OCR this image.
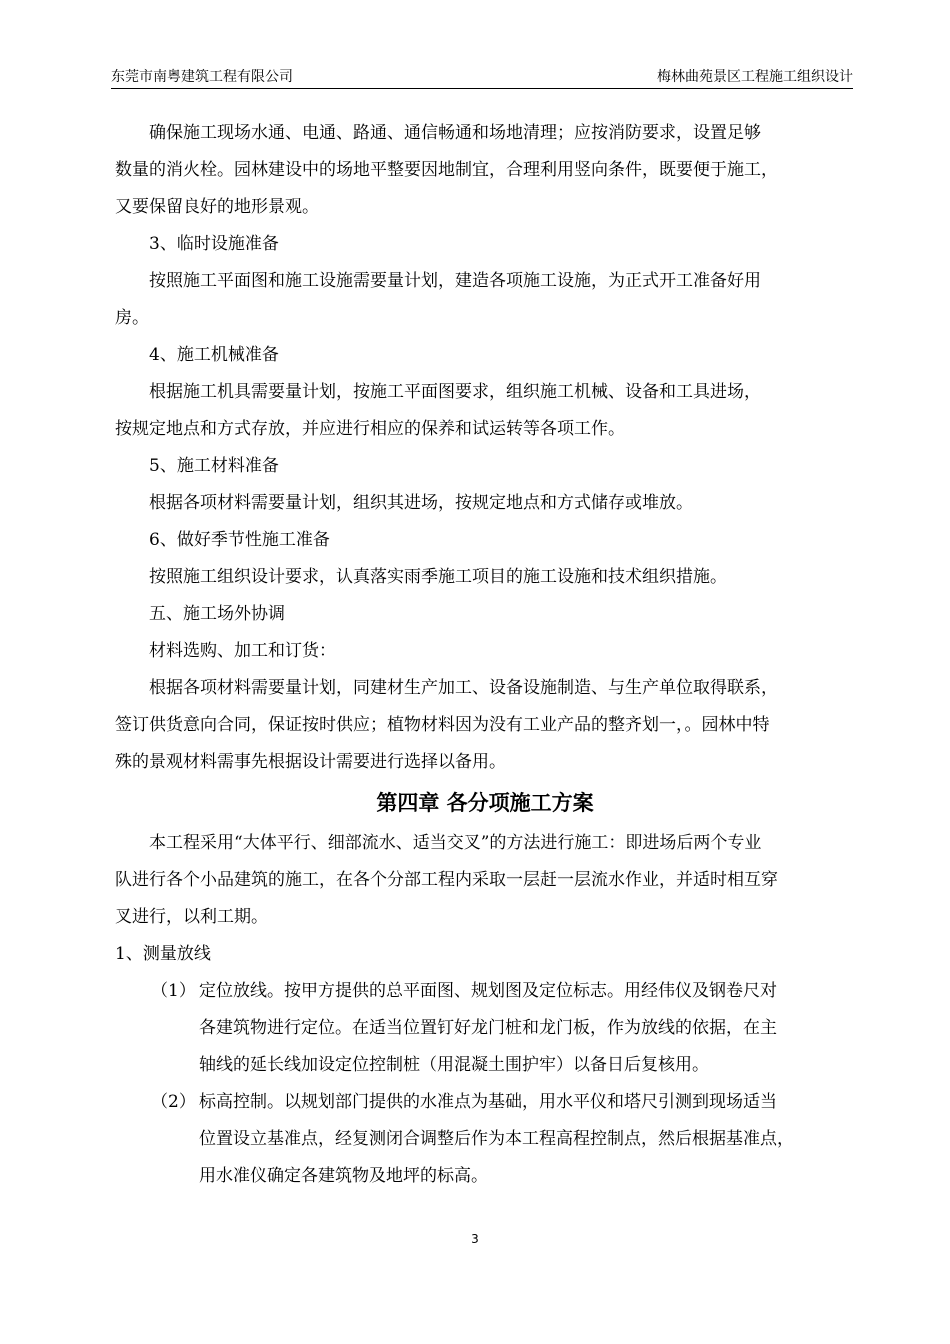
东莞市南粤建筑工程有限公司	梅林曲苑景区工程施工组织设计

确保施工现场水通、电通、路通、通信畅通和场地清理；应按消防要求，设置足够
数量的消火栓。园林建设中的场地平整要因地制宜，合理利用竖向条件，既要便于施工，
又要保留良好的地形景观。

3、临时设施准备

按照施工平面图和施工设施需要量计划，建造各项施工设施，为正式开工准备好用
房。

4、施工机械准备

根据施工机具需要量计划，按施工平面图要求，组织施工机械、设备和工具进场，
按规定地点和方式存放，并应进行相应的保养和试运转等各项工作。

5、施工材料准备

根据各项材料需要量计划，组织其进场，按规定地点和方式储存或堆放。

6、做好季节性施工准备

按照施工组织设计要求，认真落实雨季施工项目的施工设施和技术组织措施。

五、施工场外协调

材料选购、加工和订货：

根据各项材料需要量计划，同建材生产加工、设备设施制造、与生产单位取得联系，
签订供货意向合同，保证按时供应；植物材料因为没有工业产品的整齐划一，。园林中特
殊的景观材料需事先根据设计需要进行选择以备用。

第四章 各分项施工方案

本工程采用“大体平行、细部流水、适当交叉”的方法进行施工：即进场后两个专业
队进行各个小品建筑的施工，在各个分部工程内采取一层赶一层流水作业，并适时相互穿
叉进行，以利工期。

1、测量放线

（1） 定位放线。按甲方提供的总平面图、规划图及定位标志。用经伟仪及钢卷尺对
各建筑物进行定位。在适当位置钉好龙门桩和龙门板，作为放线的依据，在主
轴线的延长线加设定位控制桩（用混凝土围护牢）以备日后复核用。
（2） 标高控制。以规划部门提供的水准点为基础，用水平仪和塔尺引测到现场适当
位置设立基准点，经复测闭合调整后作为本工程高程控制点，然后根据基准点，
用水准仪确定各建筑物及地坪的标高。
3
